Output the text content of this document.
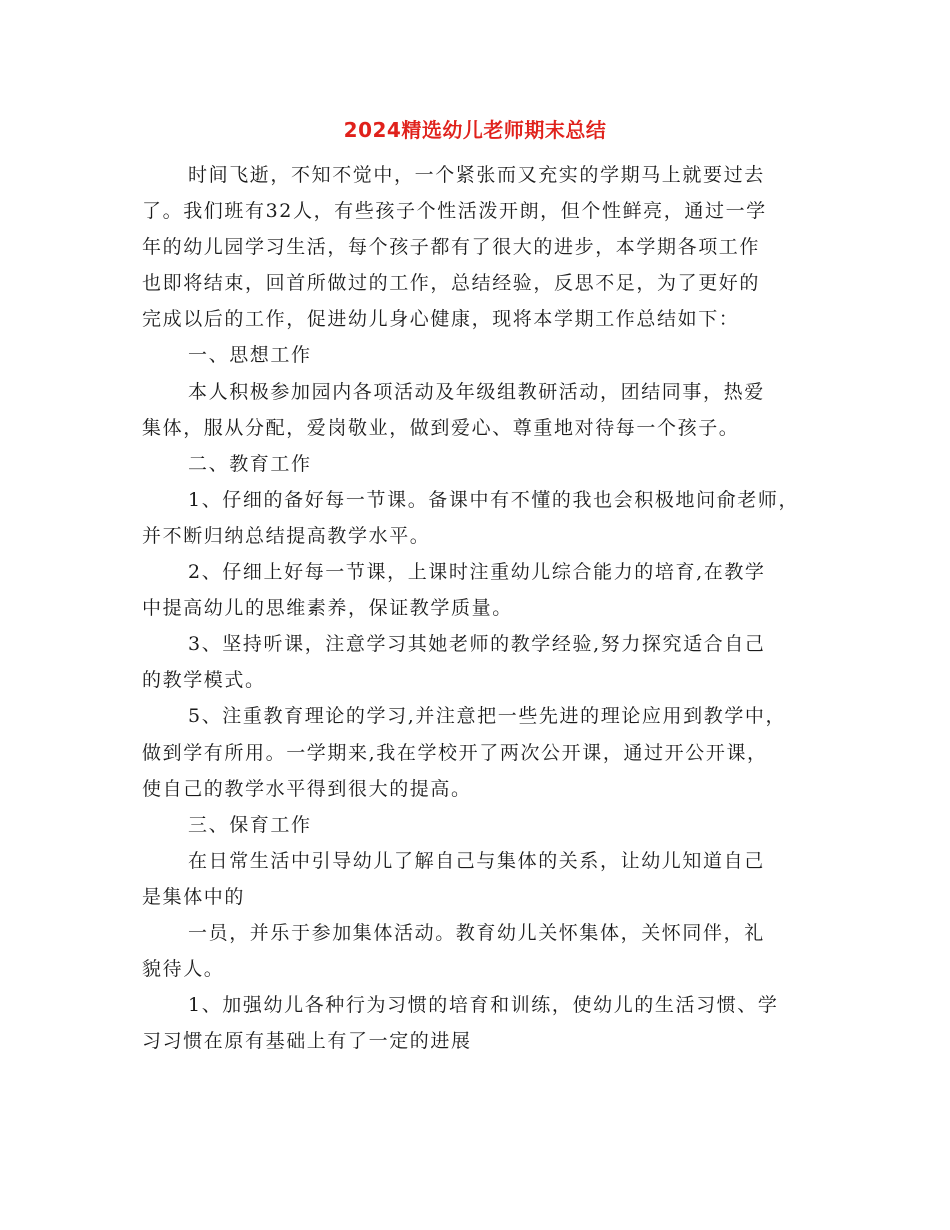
2024精选幼儿老师期末总结
时间飞逝，不知不觉中，一个紧张而又充实的学期马上就要过去
了。我们班有32人，有些孩子个性活泼开朗，但个性鲜亮，通过一学
年的幼儿园学习生活，每个孩子都有了很大的进步，本学期各项工作
也即将结束，回首所做过的工作，总结经验，反思不足，为了更好的
完成以后的工作，促进幼儿身心健康，现将本学期工作总结如下：
一、思想工作
本人积极参加园内各项活动及年级组教研活动，团结同事，热爱
集体，服从分配，爱岗敬业，做到爱心、尊重地对待每一个孩子。
二、教育工作
1、仔细的备好每一节课。备课中有不懂的我也会积极地问俞老师，
并不断归纳总结提高教学水平。
2、仔细上好每一节课，上课时注重幼儿综合能力的培育,在教学
中提高幼儿的思维素养，保证教学质量。
3、坚持听课，注意学习其她老师的教学经验,努力探究适合自己
的教学模式。
5、注重教育理论的学习,并注意把一些先进的理论应用到教学中，
做到学有所用。一学期来,我在学校开了两次公开课，通过开公开课，
使自己的教学水平得到很大的提高。
三、保育工作
在日常生活中引导幼儿了解自己与集体的关系，让幼儿知道自己
是集体中的
一员，并乐于参加集体活动。教育幼儿关怀集体，关怀同伴，礼
貌待人。
1、加强幼儿各种行为习惯的培育和训练，使幼儿的生活习惯、学
习习惯在原有基础上有了一定的进展
